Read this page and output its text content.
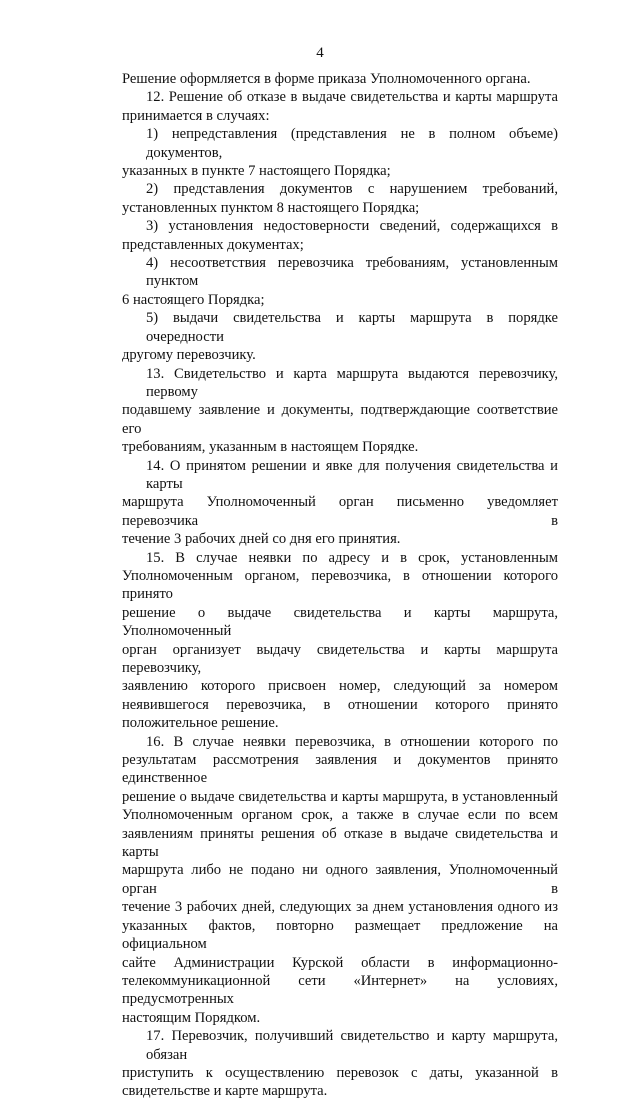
4
Решение оформляется в форме приказа Уполномоченного органа.
12. Решение об отказе в выдаче свидетельства и карты маршрута
принимается в случаях:
1) непредставления (представления не в полном объеме) документов,
указанных в пункте 7 настоящего Порядка;
2) представления документов с нарушением требований,
установленных пунктом 8 настоящего Порядка;
3) установления недостоверности сведений, содержащихся в
представленных документах;
4) несоответствия перевозчика требованиям, установленным пунктом
6 настоящего Порядка;
5) выдачи свидетельства и карты маршрута в порядке очередности
другому перевозчику.
13. Свидетельство и карта маршрута выдаются перевозчику, первому
подавшему заявление и документы, подтверждающие соответствие его
требованиям, указанным в настоящем Порядке.
14. О принятом решении и явке для получения свидетельства и карты
маршрута Уполномоченный орган письменно уведомляет перевозчика в
течение 3 рабочих дней со дня его принятия.
15. В случае неявки по адресу и в срок, установленным
Уполномоченным органом, перевозчика, в отношении которого принято
решение о выдаче свидетельства и карты маршрута, Уполномоченный
орган организует выдачу свидетельства и карты маршрута перевозчику,
заявлению которого присвоен номер, следующий за номером
неявившегося перевозчика, в отношении которого принято
положительное решение.
16. В случае неявки перевозчика, в отношении которого по
результатам рассмотрения заявления и документов принято единственное
решение о выдаче свидетельства и карты маршрута, в установленный
Уполномоченным органом срок, а также в случае если по всем
заявлениям приняты решения об отказе в выдаче свидетельства и карты
маршрута либо не подано ни одного заявления, Уполномоченный орган в
течение 3 рабочих дней, следующих за днем установления одного из
указанных фактов, повторно размещает предложение на официальном
сайте Администрации Курской области в информационно-
телекоммуникационной сети «Интернет» на условиях, предусмотренных
настоящим Порядком.
17. Перевозчик, получивший свидетельство и карту маршрута, обязан
приступить к осуществлению перевозок с даты, указанной в
свидетельстве и карте маршрута.
